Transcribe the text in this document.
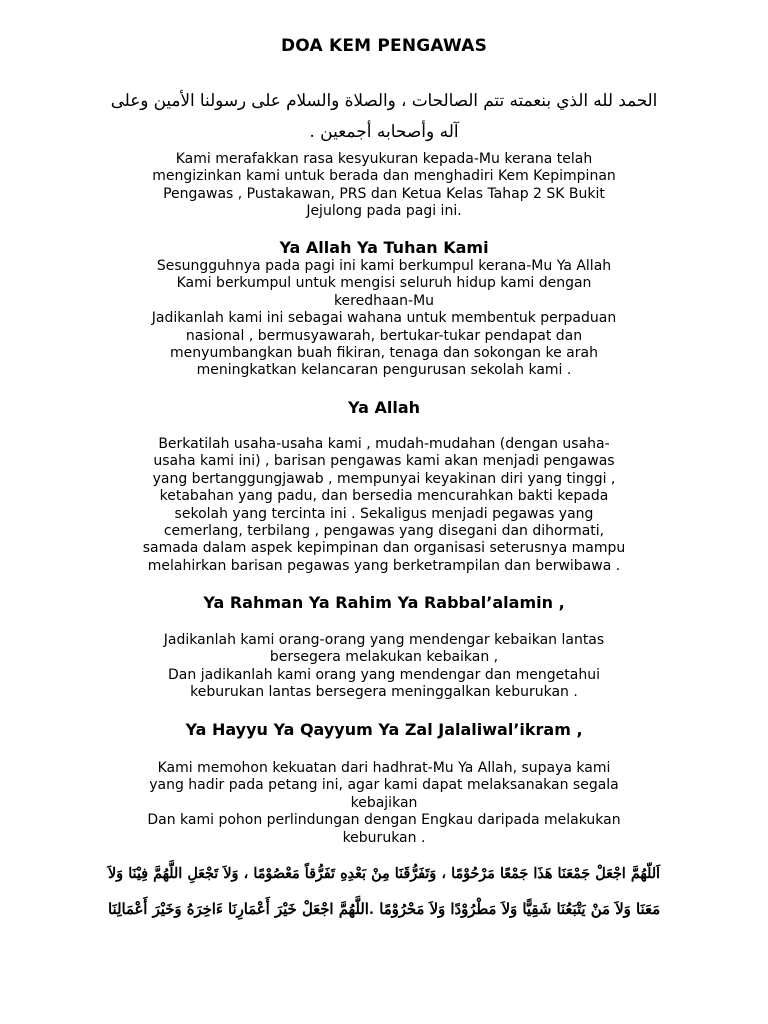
DOA KEM PENGAWAS
الحمد لله الذي بنعمته تتم الصالحات ، والصلاة والسلام على رسولنا الأمين وعلى
آله وأصحابه أجمعين .
Kami merafakkan rasa kesyukuran kepada-Mu kerana telah
mengizinkan kami untuk berada dan menghadiri Kem Kepimpinan
Pengawas , Pustakawan, PRS dan Ketua Kelas Tahap 2 SK Bukit
Jejulong pada pagi ini.
Ya Allah Ya Tuhan Kami
Sesungguhnya pada pagi ini kami berkumpul kerana-Mu Ya Allah
Kami berkumpul untuk mengisi seluruh hidup kami dengan
keredhaan-Mu
Jadikanlah kami ini sebagai wahana untuk membentuk perpaduan
nasional , bermusyawarah, bertukar-tukar pendapat dan
menyumbangkan buah fikiran, tenaga dan sokongan ke arah
meningkatkan kelancaran pengurusan sekolah kami .
Ya Allah
Berkatilah usaha-usaha kami , mudah-mudahan (dengan usaha-
usaha kami ini) , barisan pengawas kami akan menjadi pengawas
yang bertanggungjawab , mempunyai keyakinan diri yang tinggi ,
ketabahan yang padu, dan bersedia mencurahkan bakti kepada
sekolah yang tercinta ini . Sekaligus menjadi pegawas yang
cemerlang, terbilang , pengawas yang disegani dan dihormati,
samada dalam aspek kepimpinan dan organisasi seterusnya mampu
melahirkan barisan pegawas yang berketrampilan dan berwibawa .
Ya Rahman Ya Rahim Ya Rabbal’alamin ,
Jadikanlah kami orang-orang yang mendengar kebaikan lantas
bersegera melakukan kebaikan ,
Dan jadikanlah kami orang yang mendengar dan mengetahui
keburukan lantas bersegera meninggalkan keburukan .
Ya Hayyu Ya Qayyum Ya Zal Jalaliwal’ikram ,
Kami memohon kekuatan dari hadhrat-Mu Ya Allah, supaya kami
yang hadir pada petang ini, agar kami dapat melaksanakan segala
kebajikan
Dan kami pohon perlindungan dengan Engkau daripada melakukan
keburukan .
اَللّهُمَّ اجْعَلْ جَمْعَنَا هَذَا جَمْعًا مَرْحُوْمًا ، وَتَفَرُّقَنَا مِنْ بَعْدِهِ تَفَرُّقاً مَعْصُوْمًا ، وَلاَ تَجْعَلِ اللَّهُمَّ فِيْنَا وَلاَ
مَعَنَا وَلاَ مَنْ يَتْبَعُنَا شَقِيًّا وَلاَ مَطْرُوْدًا وَلاَ مَحْرُوْمًا .اللَّهُمَّ اجْعَلْ خَيْرَ أَعْمَارِنَا ءَاخِرَهُ وَخَيْرَ أَعْمَالِنَا
